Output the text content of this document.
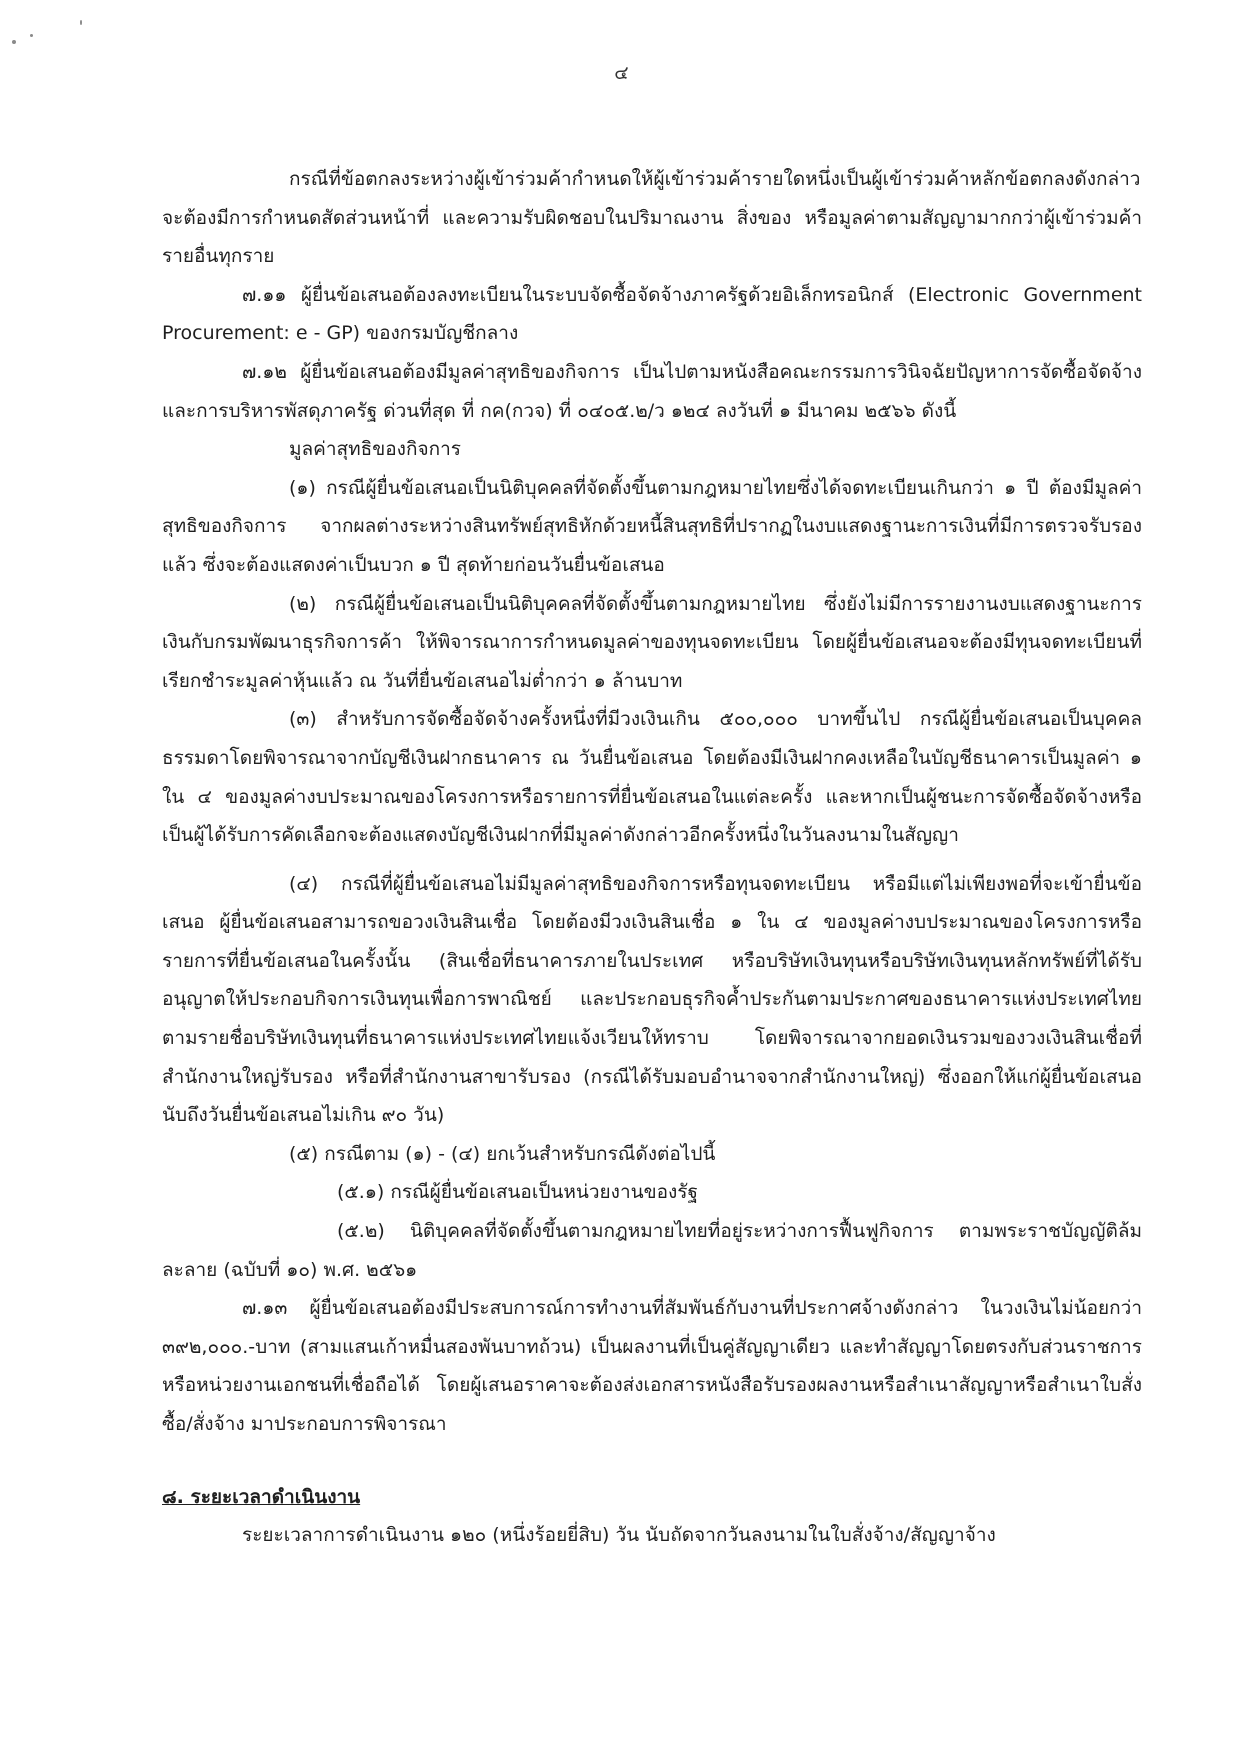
๔

กรณีที่ข้อตกลงระหว่างผู้เข้าร่วมค้ากำหนดให้ผู้เข้าร่วมค้ารายใดหนึ่งเป็นผู้เข้าร่วมค้าหลักข้อตกลงดังกล่าวจะต้องมีการกำหนดสัดส่วนหน้าที่ และความรับผิดชอบในปริมาณงาน สิ่งของ หรือมูลค่าตามสัญญามากกว่าผู้เข้าร่วมค้ารายอื่นทุกราย

๗.๑๑ ผู้ยื่นข้อเสนอต้องลงทะเบียนในระบบจัดซื้อจัดจ้างภาครัฐด้วยอิเล็กทรอนิกส์ (Electronic Government Procurement: e - GP) ของกรมบัญชีกลาง

๗.๑๒ ผู้ยื่นข้อเสนอต้องมีมูลค่าสุทธิของกิจการ เป็นไปตามหนังสือคณะกรรมการวินิจฉัยปัญหาการจัดซื้อจัดจ้างและการบริหารพัสดุภาครัฐ ด่วนที่สุด ที่ กค(กวจ) ที่ ๐๔๐๕.๒/ว ๑๒๔ ลงวันที่ ๑ มีนาคม ๒๕๖๖ ดังนี้

มูลค่าสุทธิของกิจการ

(๑) กรณีผู้ยื่นข้อเสนอเป็นนิติบุคคลที่จัดตั้งขึ้นตามกฎหมายไทยซึ่งได้จดทะเบียนเกินกว่า ๑ ปี ต้องมีมูลค่าสุทธิของกิจการ จากผลต่างระหว่างสินทรัพย์สุทธิหักด้วยหนี้สินสุทธิที่ปรากฏในงบแสดงฐานะการเงินที่มีการตรวจรับรองแล้ว ซึ่งจะต้องแสดงค่าเป็นบวก ๑ ปี สุดท้ายก่อนวันยื่นข้อเสนอ

(๒) กรณีผู้ยื่นข้อเสนอเป็นนิติบุคคลที่จัดตั้งขึ้นตามกฎหมายไทย ซึ่งยังไม่มีการรายงานงบแสดงฐานะการเงินกับกรมพัฒนาธุรกิจการค้า ให้พิจารณาการกำหนดมูลค่าของทุนจดทะเบียน โดยผู้ยื่นข้อเสนอจะต้องมีทุนจดทะเบียนที่เรียกชำระมูลค่าหุ้นแล้ว ณ วันที่ยื่นข้อเสนอไม่ต่ำกว่า ๑ ล้านบาท

(๓) สำหรับการจัดซื้อจัดจ้างครั้งหนึ่งที่มีวงเงินเกิน ๕๐๐,๐๐๐ บาทขึ้นไป กรณีผู้ยื่นข้อเสนอเป็นบุคคลธรรมดาโดยพิจารณาจากบัญชีเงินฝากธนาคาร ณ วันยื่นข้อเสนอ โดยต้องมีเงินฝากคงเหลือในบัญชีธนาคารเป็นมูลค่า ๑ ใน ๔ ของมูลค่างบประมาณของโครงการหรือรายการที่ยื่นข้อเสนอในแต่ละครั้ง และหากเป็นผู้ชนะการจัดซื้อจัดจ้างหรือเป็นผู้ได้รับการคัดเลือกจะต้องแสดงบัญชีเงินฝากที่มีมูลค่าดังกล่าวอีกครั้งหนึ่งในวันลงนามในสัญญา

(๔) กรณีที่ผู้ยื่นข้อเสนอไม่มีมูลค่าสุทธิของกิจการหรือทุนจดทะเบียน หรือมีแต่ไม่เพียงพอที่จะเข้ายื่นข้อเสนอ ผู้ยื่นข้อเสนอสามารถขอวงเงินสินเชื่อ โดยต้องมีวงเงินสินเชื่อ ๑ ใน ๔ ของมูลค่างบประมาณของโครงการหรือรายการที่ยื่นข้อเสนอในครั้งนั้น (สินเชื่อที่ธนาคารภายในประเทศ หรือบริษัทเงินทุนหรือบริษัทเงินทุนหลักทรัพย์ที่ได้รับอนุญาตให้ประกอบกิจการเงินทุนเพื่อการพาณิชย์ และประกอบธุรกิจค้ำประกันตามประกาศของธนาคารแห่งประเทศไทย ตามรายชื่อบริษัทเงินทุนที่ธนาคารแห่งประเทศไทยแจ้งเวียนให้ทราบ โดยพิจารณาจากยอดเงินรวมของวงเงินสินเชื่อที่สำนักงานใหญ่รับรอง หรือที่สำนักงานสาขารับรอง (กรณีได้รับมอบอำนาจจากสำนักงานใหญ่) ซึ่งออกให้แก่ผู้ยื่นข้อเสนอ นับถึงวันยื่นข้อเสนอไม่เกิน ๙๐ วัน)

(๕) กรณีตาม (๑) - (๔) ยกเว้นสำหรับกรณีดังต่อไปนี้

(๕.๑) กรณีผู้ยื่นข้อเสนอเป็นหน่วยงานของรัฐ

(๕.๒) นิติบุคคลที่จัดตั้งขึ้นตามกฎหมายไทยที่อยู่ระหว่างการฟื้นฟูกิจการ ตามพระราชบัญญัติล้มละลาย (ฉบับที่ ๑๐) พ.ศ. ๒๕๖๑

๗.๑๓ ผู้ยื่นข้อเสนอต้องมีประสบการณ์การทำงานที่สัมพันธ์กับงานที่ประกาศจ้างดังกล่าว ในวงเงินไม่น้อยกว่า ๓๙๒,๐๐๐.-บาท (สามแสนเก้าหมื่นสองพันบาทถ้วน) เป็นผลงานที่เป็นคู่สัญญาเดียว และทำสัญญาโดยตรงกับส่วนราชการหรือหน่วยงานเอกชนที่เชื่อถือได้ โดยผู้เสนอราคาจะต้องส่งเอกสารหนังสือรับรองผลงานหรือสำเนาสัญญาหรือสำเนาใบสั่งซื้อ/สั่งจ้าง มาประกอบการพิจารณา

๘. ระยะเวลาดำเนินงาน

ระยะเวลาการดำเนินงาน ๑๒๐ (หนึ่งร้อยยี่สิบ) วัน นับถัดจากวันลงนามในใบสั่งจ้าง/สัญญาจ้าง
